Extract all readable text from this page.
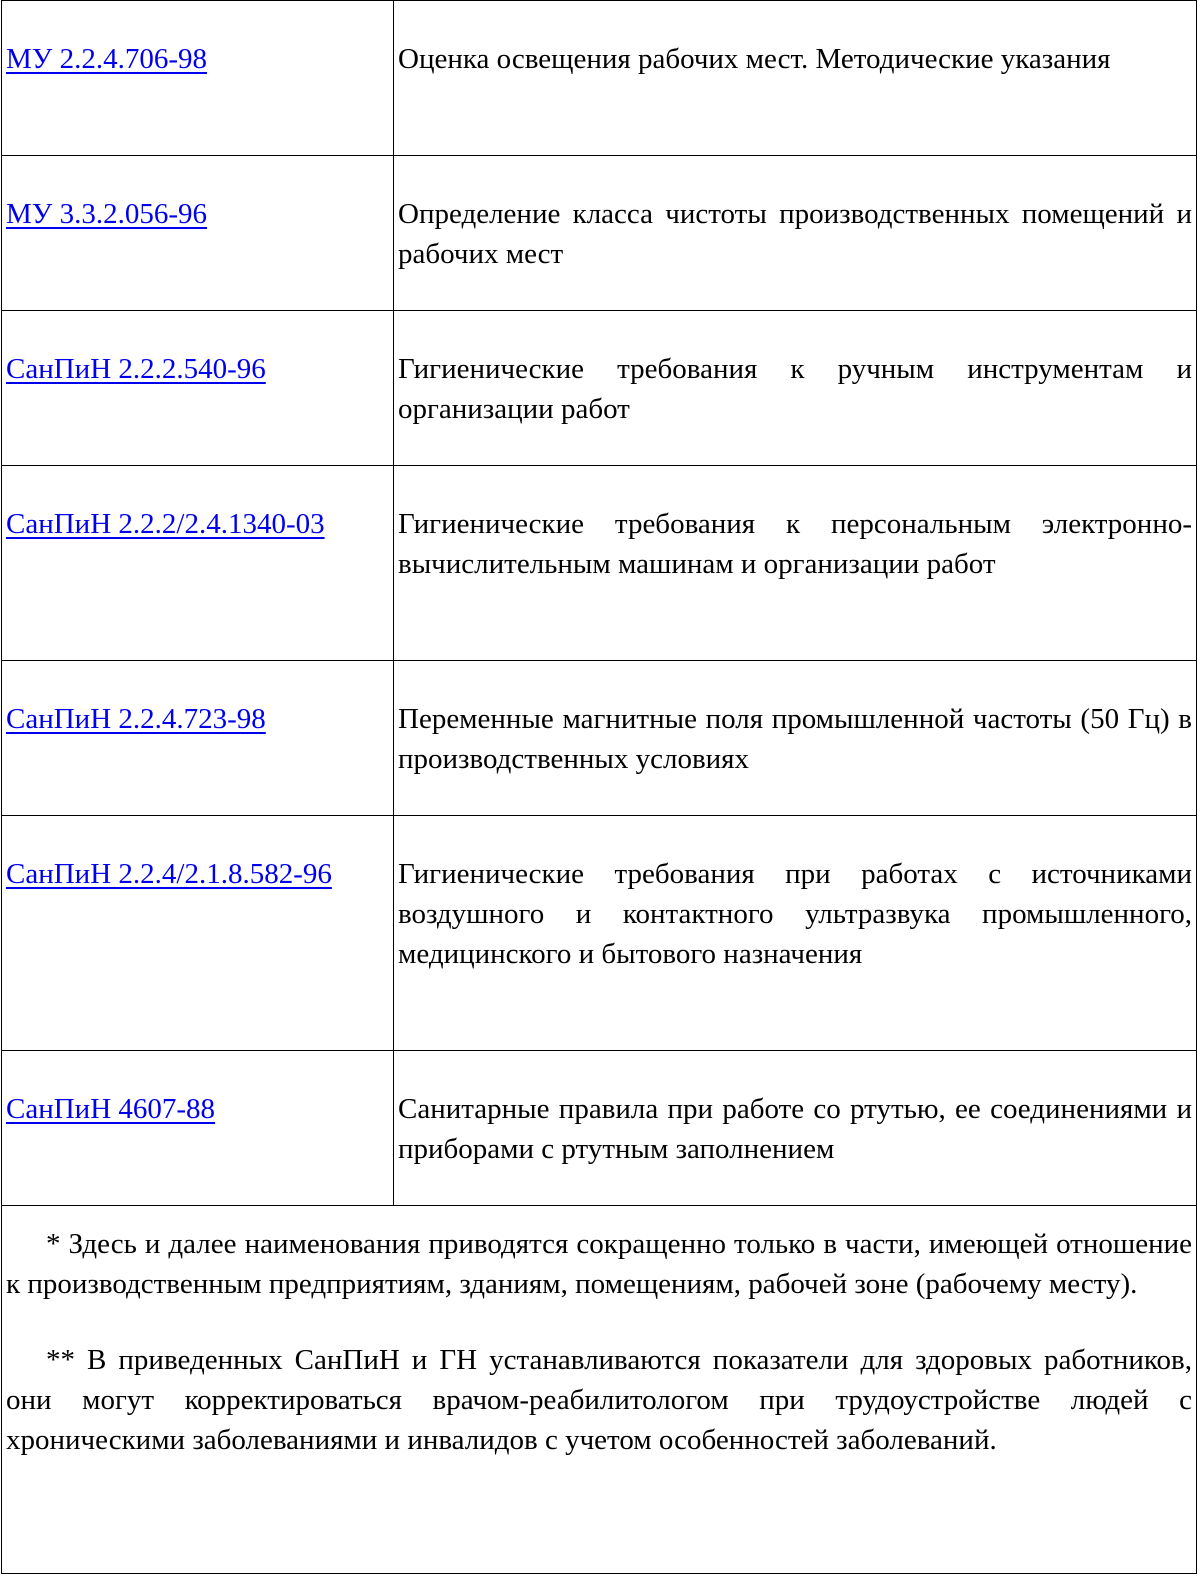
МУ 2.2.4.706-98	Оценка освещения рабочих мест. Методические указания
МУ 3.3.2.056-96	Определение класса чистоты производственных помещений и рабочих мест
СанПиН 2.2.2.540-96	Гигиенические требования к ручным инструментам и организации работ
СанПиН 2.2.2/2.4.1340-03	Гигиенические требования к персональным электронно-вычислительным машинам и организации работ
СанПиН 2.2.4.723-98	Переменные магнитные поля промышленной частоты (50 Гц) в производственных условиях
СанПиН 2.2.4/2.1.8.582-96	Гигиенические требования при работах с источниками воздушного и контактного ультразвука промышленного, медицинского и бытового назначения
СанПиН 4607-88	Санитарные правила при работе со ртутью, ее соединениями и приборами с ртутным заполнением

* Здесь и далее наименования приводятся сокращенно только в части, имеющей отношение к производственным предприятиям, зданиям, помещениям, рабочей зоне (рабочему месту).

** В приведенных СанПиН и ГН устанавливаются показатели для здоровых работников, они могут корректироваться врачом-реабилитологом при трудоустройстве людей с хроническими заболеваниями и инвалидов с учетом особенностей заболеваний.	
